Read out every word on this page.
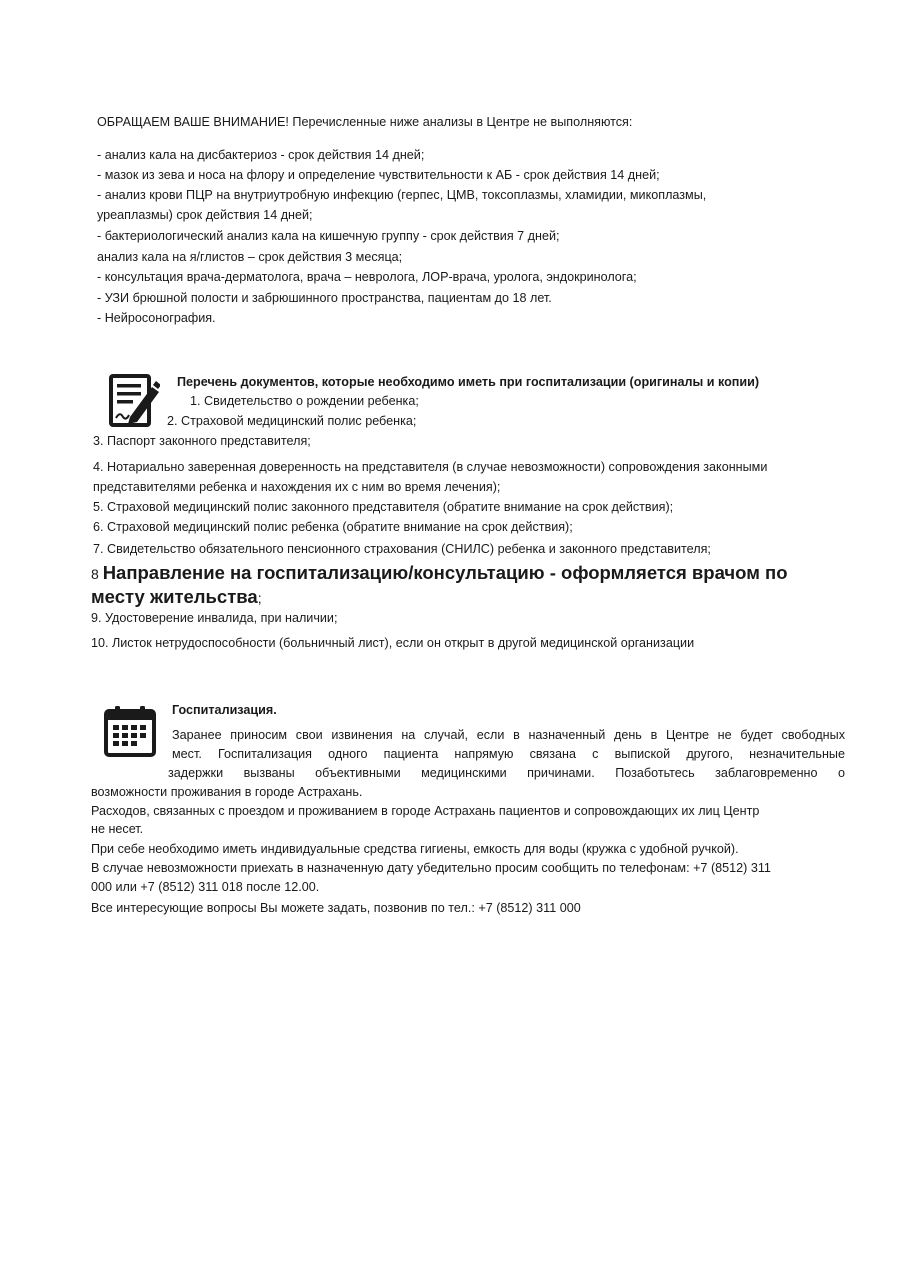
ОБРАЩАЕМ ВАШЕ ВНИМАНИЕ! Перечисленные ниже анализы в Центре не выполняются:
- анализ кала на дисбактериоз - срок действия 14 дней;
- мазок из зева и носа на флору и определение чувствительности к АБ - срок действия 14 дней;
- анализ крови ПЦР на внутриутробную инфекцию (герпес, ЦМВ, токсоплазмы, хламидии, микоплазмы,
уреаплазмы) срок действия 14 дней;
- бактериологический анализ кала на кишечную группу - срок действия 7 дней;
анализ кала на я/глистов – срок действия 3 месяца;
- консультация врача-дерматолога, врача – невролога, ЛОР-врача, уролога, эндокринолога;
- УЗИ брюшной полости и забрюшинного пространства, пациентам до 18 лет.
- Нейросонография.
Перечень документов, которые необходимо иметь при госпитализации (оригиналы и копии)
1. Свидетельство о рождении ребенка;
2. Страховой медицинский полис ребенка;
3. Паспорт законного представителя;
4. Нотариально заверенная доверенность на представителя (в случае невозможности) сопровождения законными
представителями ребенка и нахождения их с ним во время лечения);
5. Страховой медицинский полис законного представителя (обратите внимание на срок действия);
6. Страховой медицинский полис ребенка (обратите внимание на срок действия);
7. Свидетельство обязательного пенсионного страхования (СНИЛС) ребенка и законного представителя;
8 Направление на госпитализацию/консультацию - оформляется врачом по
месту жительства;
9. Удостоверение инвалида, при наличии;
10. Листок нетрудоспособности (больничный лист), если он открыт в другой медицинской организации
Госпитализация.
Заранее приносим свои извинения на случай, если в назначенный день в Центре не будет свободных
мест. Госпитализация одного пациента напрямую связана с выпиской другого, незначительные
задержки вызваны объективными медицинскими причинами. Позаботьтесь заблаговременно о
возможности проживания в городе Астрахань.
Расходов, связанных с проездом и проживанием в городе Астрахань пациентов и сопровождающих их лиц Центр
не несет.
При себе необходимо иметь индивидуальные средства гигиены, емкость для воды (кружка с удобной ручкой).
В случае невозможности приехать в назначенную дату убедительно просим сообщить по телефонам: +7 (8512) 311
000 или +7 (8512) 311 018 после 12.00.
Все интересующие вопросы Вы можете задать, позвонив по тел.: +7 (8512) 311 000
